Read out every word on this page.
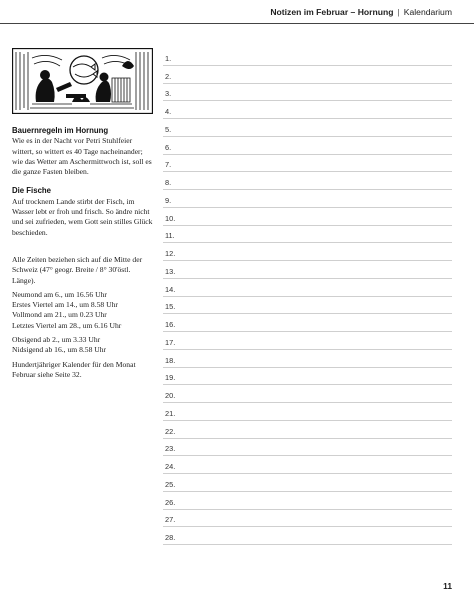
Notizen im Februar – Hornung | Kalendarium
Bauernregeln im Hornung

Wie es in der Nacht vor Petri Stuhlfeier wittert, so wittert es 40 Tage nacheinander; wie das Wetter am Aschermittwoch ist, soll es die ganze Fasten bleiben.

Die Fische

Auf trocknem Lande stirbt der Fisch, im Wasser lebt er froh und frisch. So ändre nicht und sei zufrieden, wem Gott sein stilles Glück beschieden.

Alle Zeiten beziehen sich auf die Mitte der Schweiz (47° geogr. Breite / 8° 30'östl. Länge).

Neumond am 6., um 16.56 Uhr
Erstes Viertel am 14., um 8.58 Uhr
Vollmond am 21., um 0.23 Uhr
Letztes Viertel am 28., um 6.16 Uhr

Obsigend ab 2., um 3.33 Uhr
Nidsigend ab 16., um 8.58 Uhr

Hundertjähriger Kalender für den Monat Februar siehe Seite 32.

1.
2.
3.
4.
5.
6.
7.
8.
9.
10.
11.
12.
13.
14.
15.
16.
17.
18.
19.
20.
21.
22.
23.
24.
25.
26.
27.
28.
11
